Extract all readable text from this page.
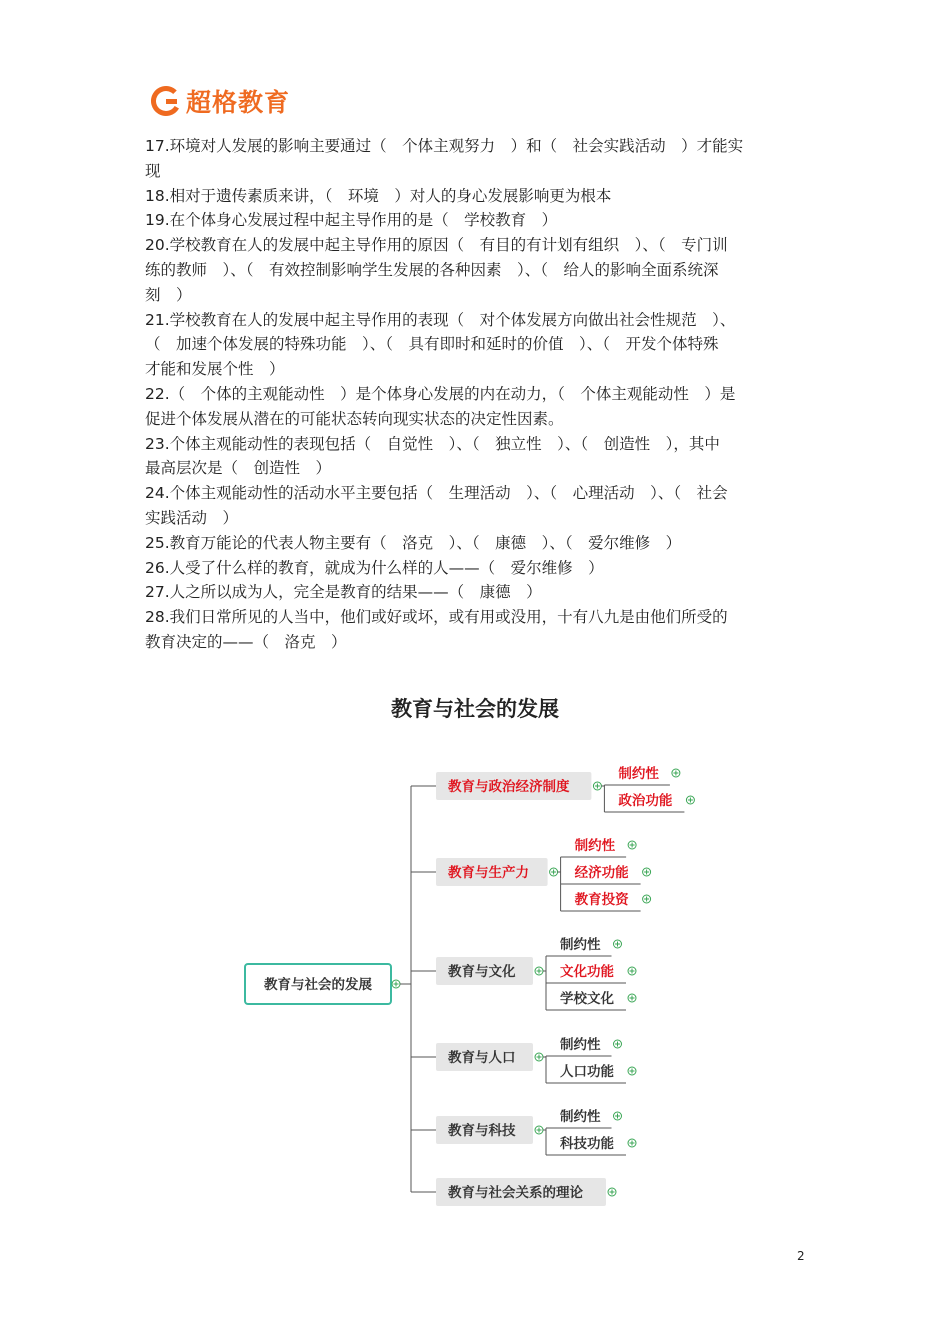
超格教育

17.环境对人发展的影响主要通过（　个体主观努力　）和（　社会实践活动　）才能实
现

18.相对于遗传素质来讲，（　环境　）对人的身心发展影响更为根本

19.在个体身心发展过程中起主导作用的是（　学校教育　）

20.学校教育在人的发展中起主导作用的原因（　有目的有计划有组织　）、（　专门训
练的教师　）、（　有效控制影响学生发展的各种因素　）、（　给人的影响全面系统深
刻　）

21.学校教育在人的发展中起主导作用的表现（　对个体发展方向做出社会性规范　）、
（　加速个体发展的特殊功能　）、（　具有即时和延时的价值　）、（　开发个体特殊
才能和发展个性　）

22.（　个体的主观能动性　）是个体身心发展的内在动力，（　个体主观能动性　）是
促进个体发展从潜在的可能状态转向现实状态的决定性因素。

23.个体主观能动性的表现包括（　自觉性　）、（　独立性　）、（　创造性　），其中
最高层次是（　创造性　）

24.个体主观能动性的活动水平主要包括（　生理活动　）、（　心理活动　）、（　社会
实践活动　）

25.教育万能论的代表人物主要有（　洛克　）、（　康德　）、（　爱尔维修　）

26.人受了什么样的教育，就成为什么样的人——（　爱尔维修　）

27.人之所以成为人，完全是教育的结果——（　康德　）

28.我们日常所见的人当中，他们或好或坏，或有用或没用，十有八九是由他们所受的
教育决定的——（　洛克　）

教育与社会的发展
教育与社会的发展
教育与政治经济制度
制约性
政治功能
教育与生产力
制约性
经济功能
教育投资
教育与文化
制约性
文化功能
学校文化
教育与人口
制约性
人口功能
教育与科技
制约性
科技功能
教育与社会关系的理论
2
